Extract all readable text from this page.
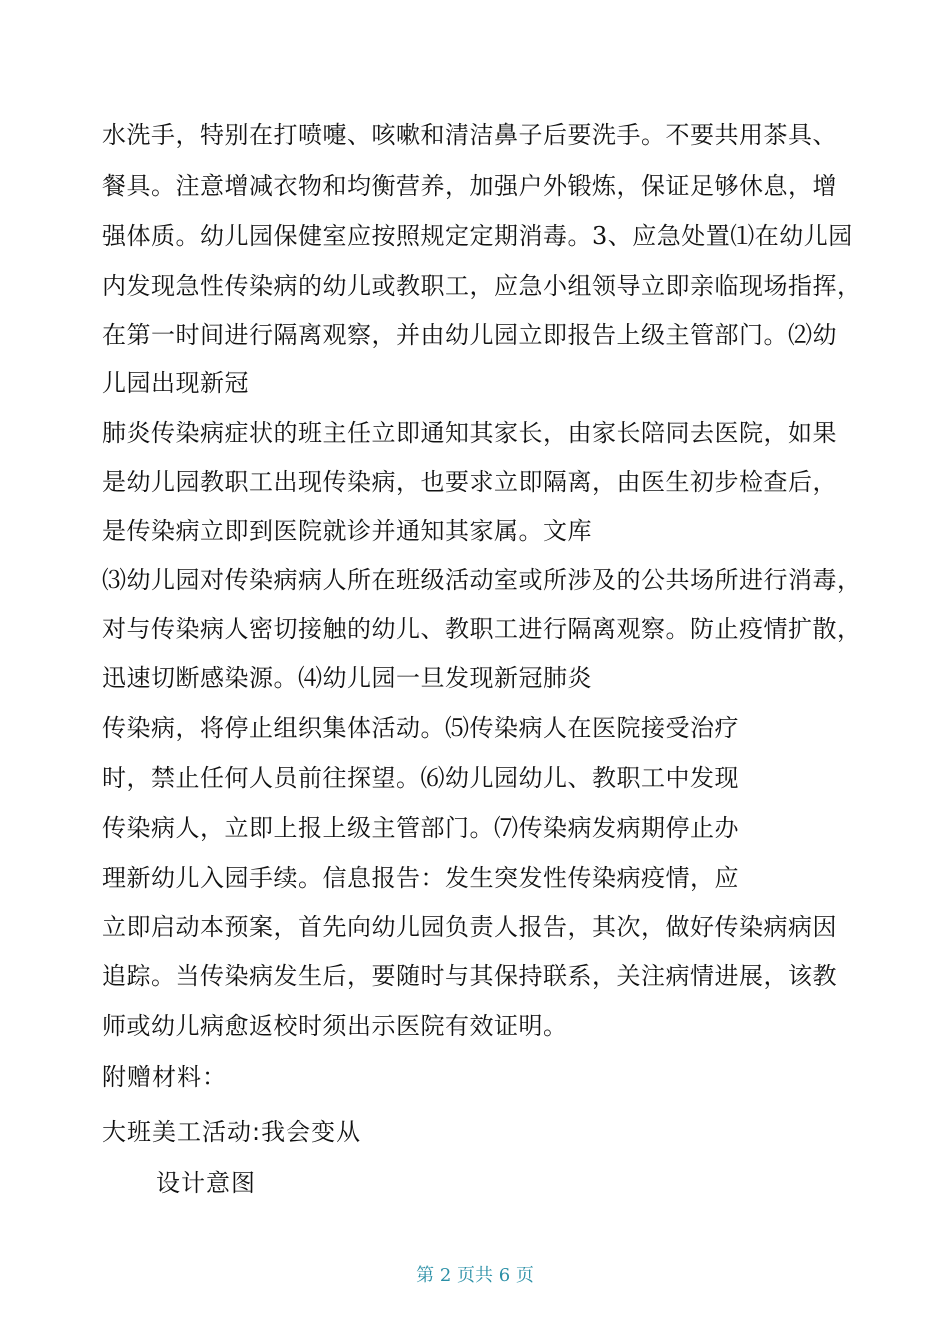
水洗手，特别在打喷嚏、咳嗽和清洁鼻子后要洗手。不要共用茶具、
餐具。注意增减衣物和均衡营养，加强户外锻炼，保证足够休息，增
强体质。幼儿园保健室应按照规定定期消毒。3、应急处置⑴在幼儿园
内发现急性传染病的幼儿或教职工，应急小组领导立即亲临现场指挥，
在第一时间进行隔离观察，并由幼儿园立即报告上级主管部门。⑵幼
儿园出现新冠
肺炎传染病症状的班主任立即通知其家长，由家长陪同去医院，如果
是幼儿园教职工出现传染病，也要求立即隔离，由医生初步检查后，
是传染病立即到医院就诊并通知其家属。文库
⑶幼儿园对传染病病人所在班级活动室或所涉及的公共场所进行消毒，
对与传染病人密切接触的幼儿、教职工进行隔离观察。防止疫情扩散，
迅速切断感染源。⑷幼儿园一旦发现新冠肺炎
传染病，将停止组织集体活动。⑸传染病人在医院接受治疗
时，禁止任何人员前往探望。⑹幼儿园幼儿、教职工中发现
传染病人，立即上报上级主管部门。⑺传染病发病期停止办
理新幼儿入园手续。信息报告：发生突发性传染病疫情，应
立即启动本预案，首先向幼儿园负责人报告，其次，做好传染病病因
追踪。当传染病发生后，要随时与其保持联系，关注病情进展，该教
师或幼儿病愈返校时须出示医院有效证明。
附赠材料：
大班美工活动:我会变从
设计意图
第 2 页共 6 页
